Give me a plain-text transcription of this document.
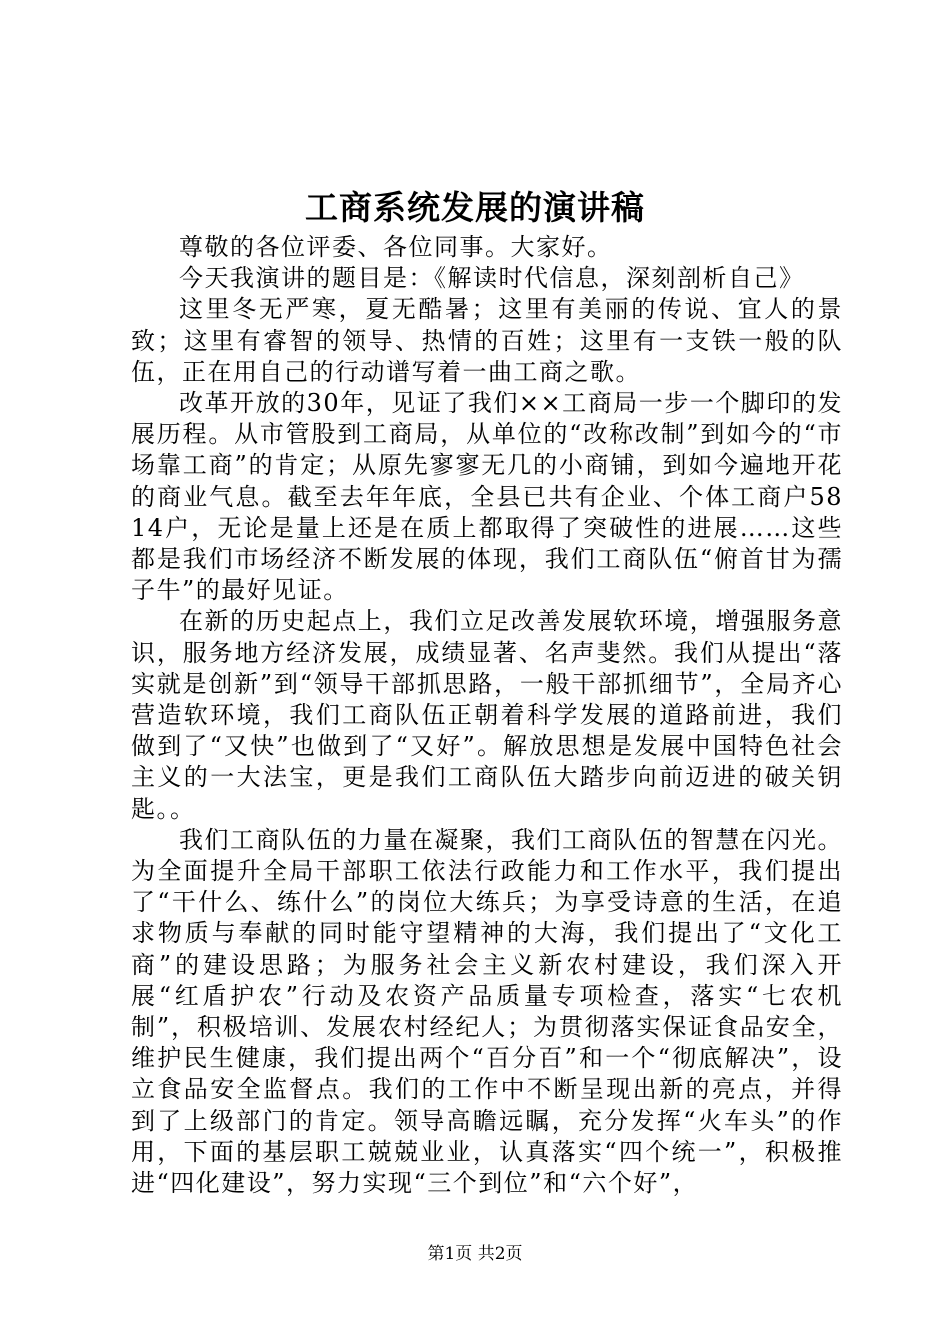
工商系统发展的演讲稿

尊敬的各位评委、各位同事。大家好。

今天我演讲的题目是：《解读时代信息，深刻剖析自己》

这里冬无严寒，夏无酷暑；这里有美丽的传说、宜人的景致；这里有睿智的领导、热情的百姓；这里有一支铁一般的队伍，正在用自己的行动谱写着一曲工商之歌。

改革开放的30年，见证了我们××工商局一步一个脚印的发展历程。从市管股到工商局，从单位的“改称改制”到如今的“市场靠工商”的肯定；从原先寥寥无几的小商铺，到如今遍地开花的商业气息。截至去年年底，全县已共有企业、个体工商户5814户，无论是量上还是在质上都取得了突破性的进展……这些都是我们市场经济不断发展的体现，我们工商队伍“俯首甘为孺子牛”的最好见证。

在新的历史起点上，我们立足改善发展软环境，增强服务意识，服务地方经济发展，成绩显著、名声斐然。我们从提出“落实就是创新”到“领导干部抓思路，一般干部抓细节”，全局齐心营造软环境，我们工商队伍正朝着科学发展的道路前进，我们做到了“又快”也做到了“又好”。解放思想是发展中国特色社会主义的一大法宝，更是我们工商队伍大踏步向前迈进的破关钥匙。。

我们工商队伍的力量在凝聚，我们工商队伍的智慧在闪光。为全面提升全局干部职工依法行政能力和工作水平，我们提出了“干什么、练什么”的岗位大练兵；为享受诗意的生活，在追求物质与奉献的同时能守望精神的大海，我们提出了“文化工商”的建设思路；为服务社会主义新农村建设，我们深入开展“红盾护农”行动及农资产品质量专项检查，落实“七农机制”，积极培训、发展农村经纪人；为贯彻落实保证食品安全，维护民生健康，我们提出两个“百分百”和一个“彻底解决”，设立食品安全监督点。我们的工作中不断呈现出新的亮点，并得到了上级部门的肯定。领导高瞻远瞩，充分发挥“火车头”的作用，下面的基层职工兢兢业业，认真落实“四个统一”，积极推进“四化建设”，努力实现“三个到位”和“六个好”，

第1页 共2页
